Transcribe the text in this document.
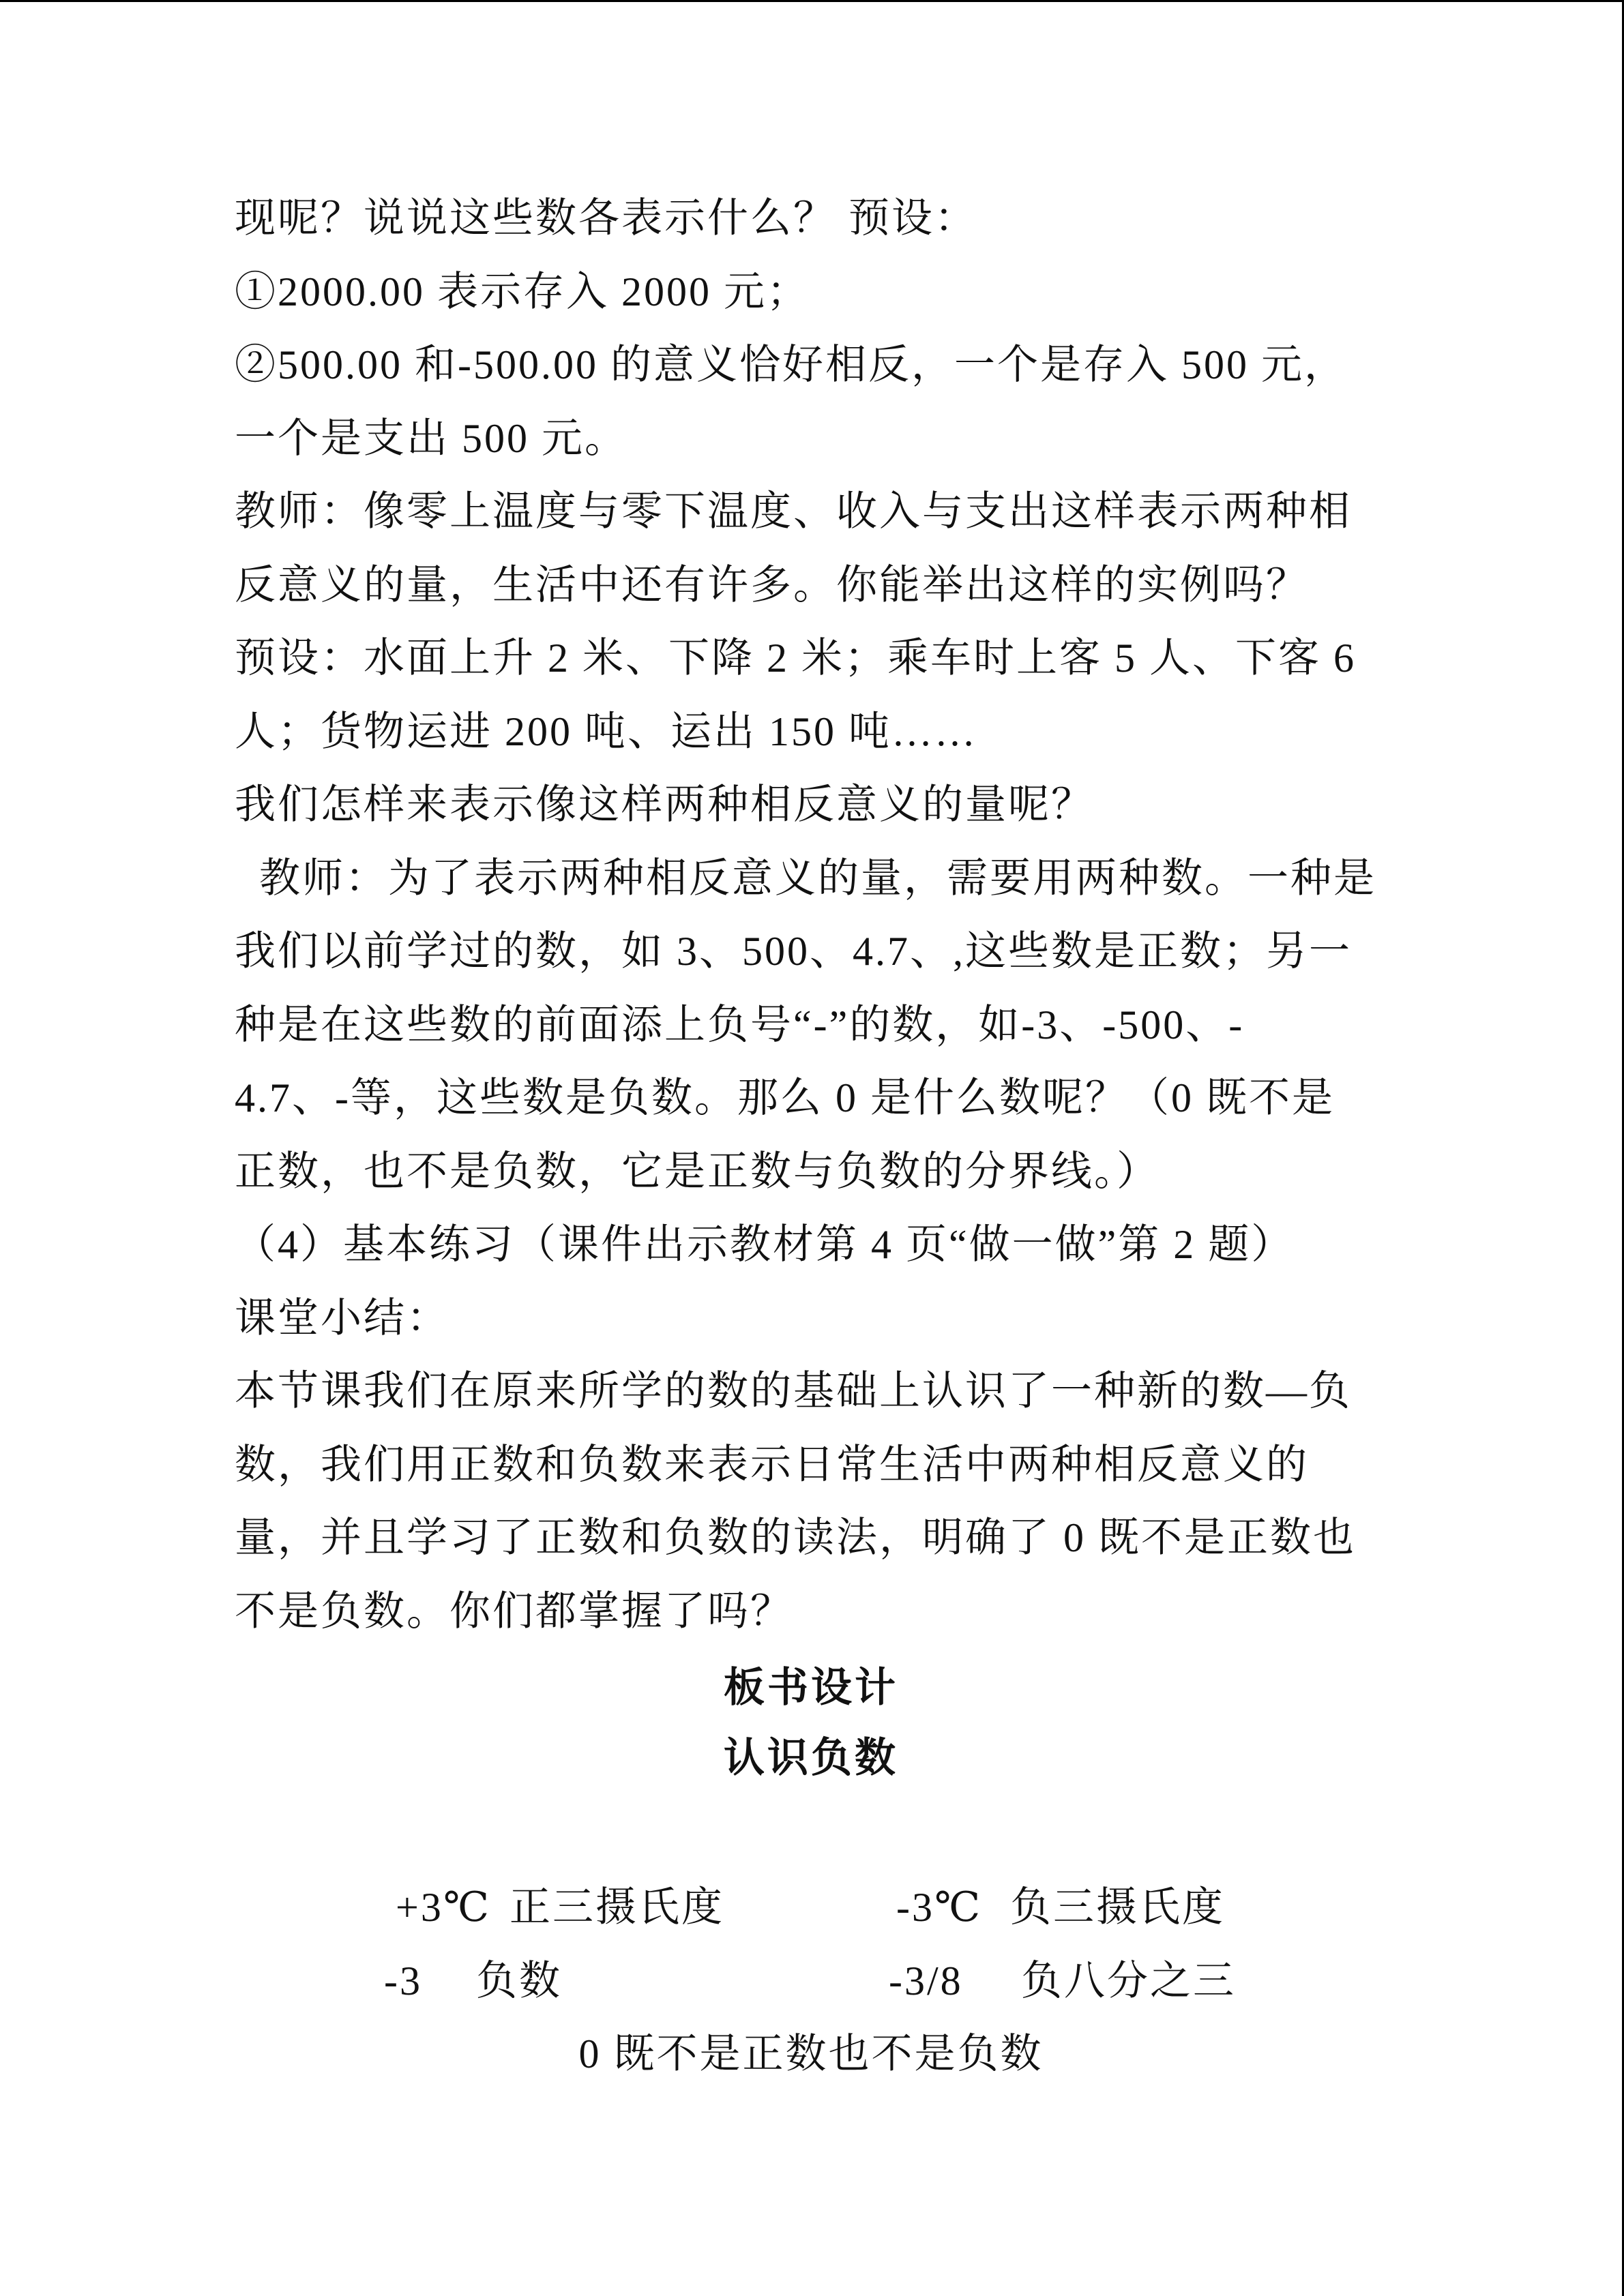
现呢？说说这些数各表示什么？ 预设：
①2000.00 表示存入 2000 元；
②500.00 和-500.00 的意义恰好相反，一个是存入 500 元，
一个是支出 500 元。
教师：像零上温度与零下温度、收入与支出这样表示两种相
反意义的量，生活中还有许多。你能举出这样的实例吗？
预设：水面上升 2 米、下降 2 米；乘车时上客 5 人、下客 6
人；货物运进 200 吨、运出 150 吨……
我们怎样来表示像这样两种相反意义的量呢？
教师：为了表示两种相反意义的量，需要用两种数。一种是
我们以前学过的数，如 3、500、4.7、,这些数是正数；另一
种是在这些数的前面添上负号“-”的数，如-3、-500、-
4.7、-等，这些数是负数。那么 0 是什么数呢？（0 既不是
正数，也不是负数，它是正数与负数的分界线。）
（4）基本练习（课件出示教材第 4 页“做一做”第 2 题）
课堂小结：
本节课我们在原来所学的数的基础上认识了一种新的数—负
数，我们用正数和负数来表示日常生活中两种相反意义的
量，并且学习了正数和负数的读法，明确了 0 既不是正数也
不是负数。你们都掌握了吗？
板书设计
认识负数
+3℃ 正三摄氏度	-3℃ 负三摄氏度
-3 负数	-3/8 负八分之三
0 既不是正数也不是负数
